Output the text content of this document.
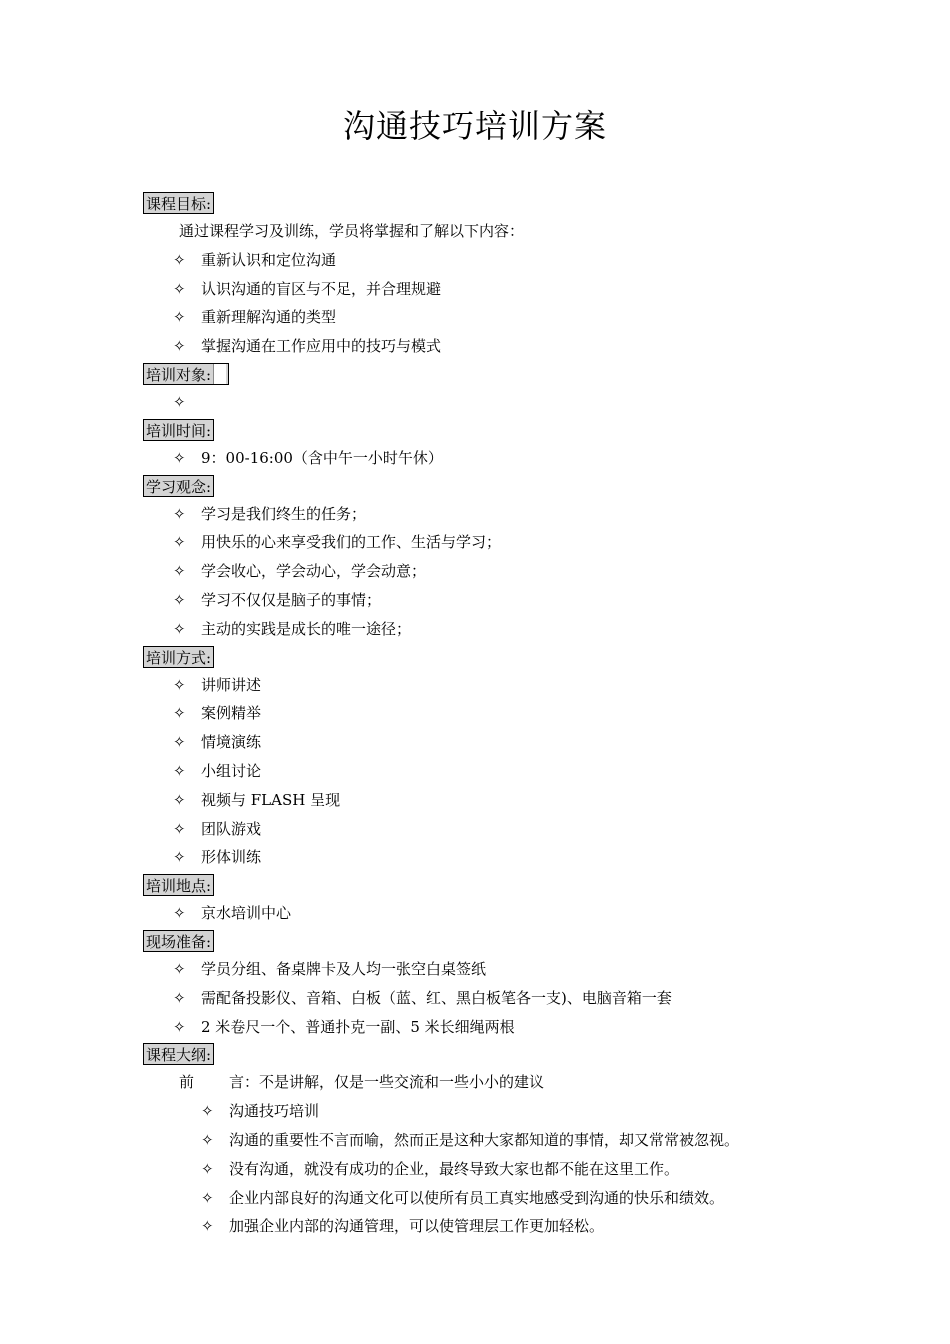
沟通技巧培训方案
课程目标:
通过课程学习及训练，学员将掌握和了解以下内容：
✧ 重新认识和定位沟通
✧ 认识沟通的盲区与不足，并合理规避
✧ 重新理解沟通的类型
✧ 掌握沟通在工作应用中的技巧与模式
培训对象:
✧
培训时间:
✧ 9：00-16:00（含中午一小时午休）
学习观念:
✧ 学习是我们终生的任务；
✧ 用快乐的心来享受我们的工作、生活与学习；
✧ 学会收心，学会动心，学会动意；
✧ 学习不仅仅是脑子的事情；
✧ 主动的实践是成长的唯一途径；
培训方式:
✧ 讲师讲述
✧ 案例精举
✧ 情境演练
✧ 小组讨论
✧ 视频与 FLASH 呈现
✧ 团队游戏
✧ 形体训练
培训地点:
✧ 京水培训中心
现场准备:
✧ 学员分组、备桌牌卡及人均一张空白桌签纸
✧ 需配备投影仪、音箱、白板（蓝、红、黑白板笔各一支)、电脑音箱一套
✧ 2 米卷尺一个、普通扑克一副、5 米长细绳两根
课程大纲:
前 言：不是讲解，仅是一些交流和一些小小的建议
✧ 沟通技巧培训
✧ 沟通的重要性不言而喻，然而正是这种大家都知道的事情，却又常常被忽视。
✧ 没有沟通，就没有成功的企业，最终导致大家也都不能在这里工作。
✧ 企业内部良好的沟通文化可以使所有员工真实地感受到沟通的快乐和绩效。
✧ 加强企业内部的沟通管理，可以使管理层工作更加轻松。
